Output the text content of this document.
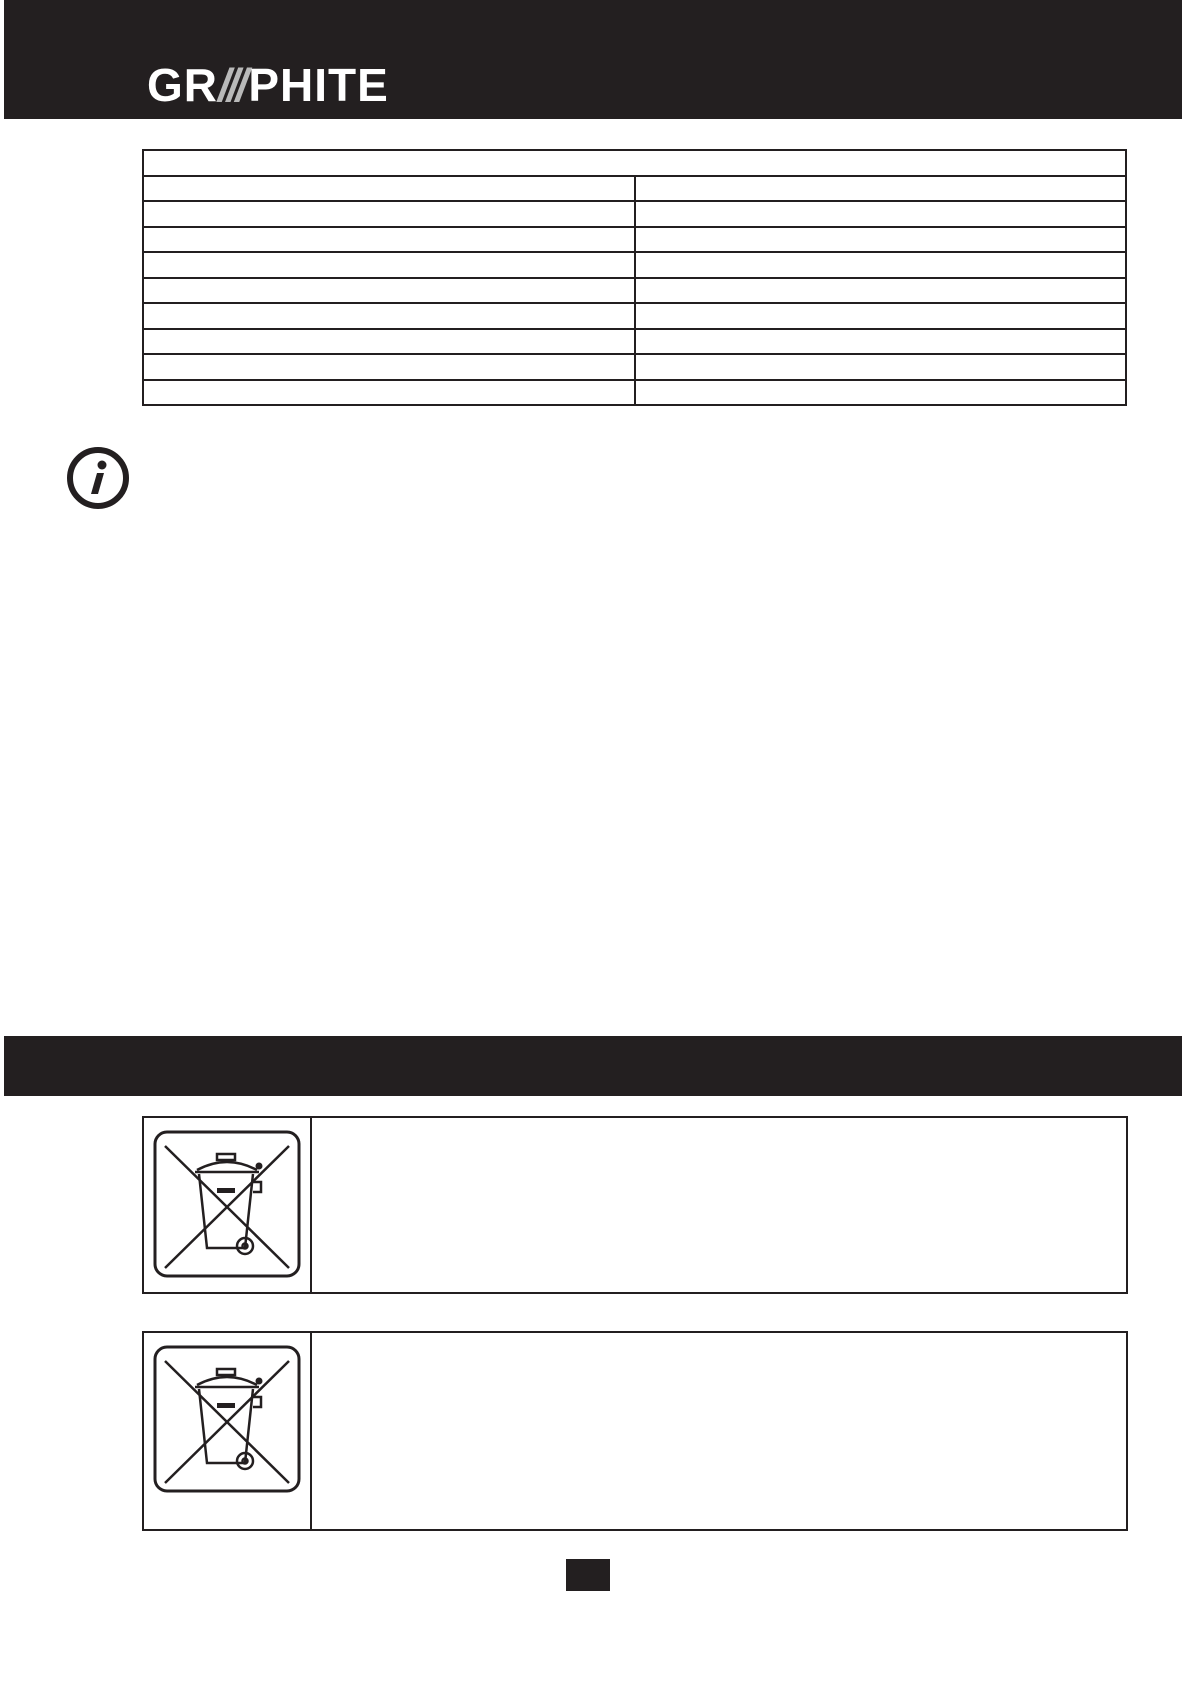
GR///PHITE
